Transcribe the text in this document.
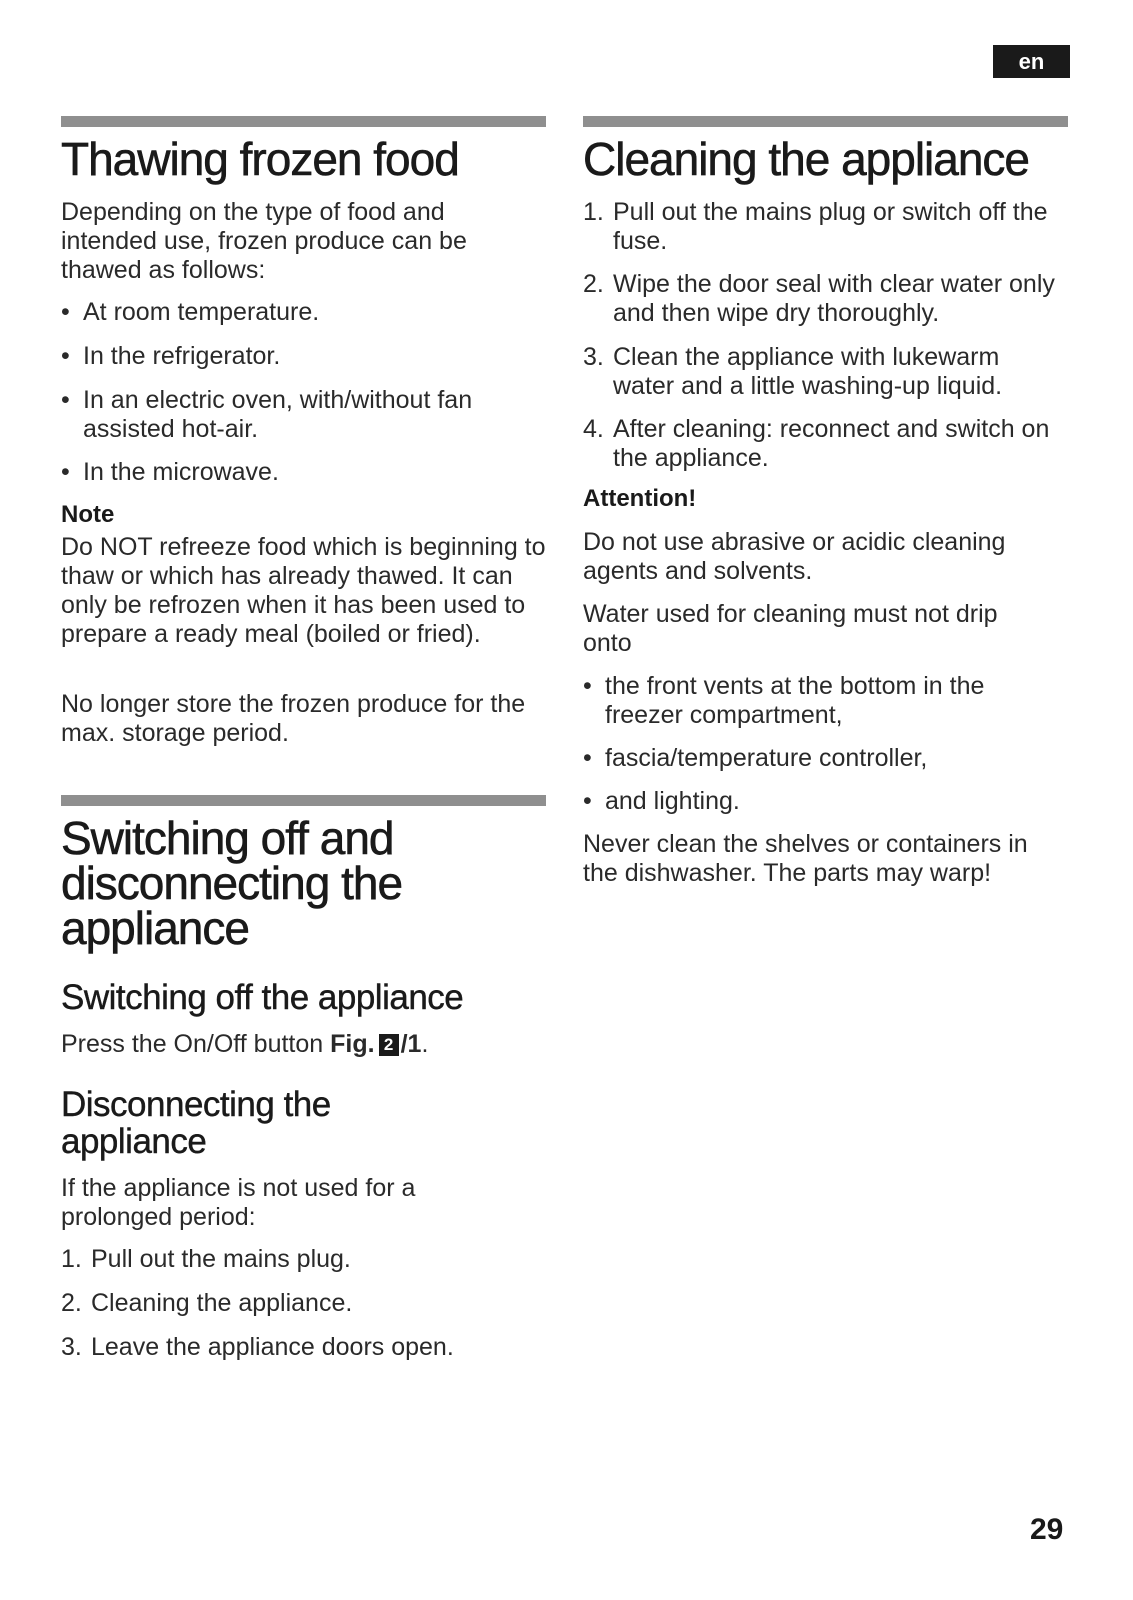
en
Thawing frozen food

Depending on the type of food and intended use, frozen produce can be thawed as follows:

• At room temperature.
• In the refrigerator.
• In an electric oven, with/without fan assisted hot-air.
• In the microwave.
Note

Do NOT refreeze food which is beginning to thaw or which has already thawed. It can only be refrozen when it has been used to prepare a ready meal (boiled or fried).

No longer store the frozen produce for the max. storage period.

Switching off and disconnecting the appliance
Switching off the appliance

Press the On/Off button Fig. 2 /1.

Disconnecting the appliance

If the appliance is not used for a prolonged period:

1. Pull out the mains plug.
2. Cleaning the appliance.
3. Leave the appliance doors open.
Cleaning the appliance
1. Pull out the mains plug or switch off the fuse.
2. Wipe the door seal with clear water only and then wipe dry thoroughly.
3. Clean the appliance with lukewarm water and a little washing-up liquid.
4. After cleaning: reconnect and switch on the appliance.
Attention!

Do not use abrasive or acidic cleaning agents and solvents.

Water used for cleaning must not drip onto

• the front vents at the bottom in the freezer compartment,
• fascia/temperature controller,
• and lighting.

Never clean the shelves or containers in the dishwasher. The parts may warp!

29
